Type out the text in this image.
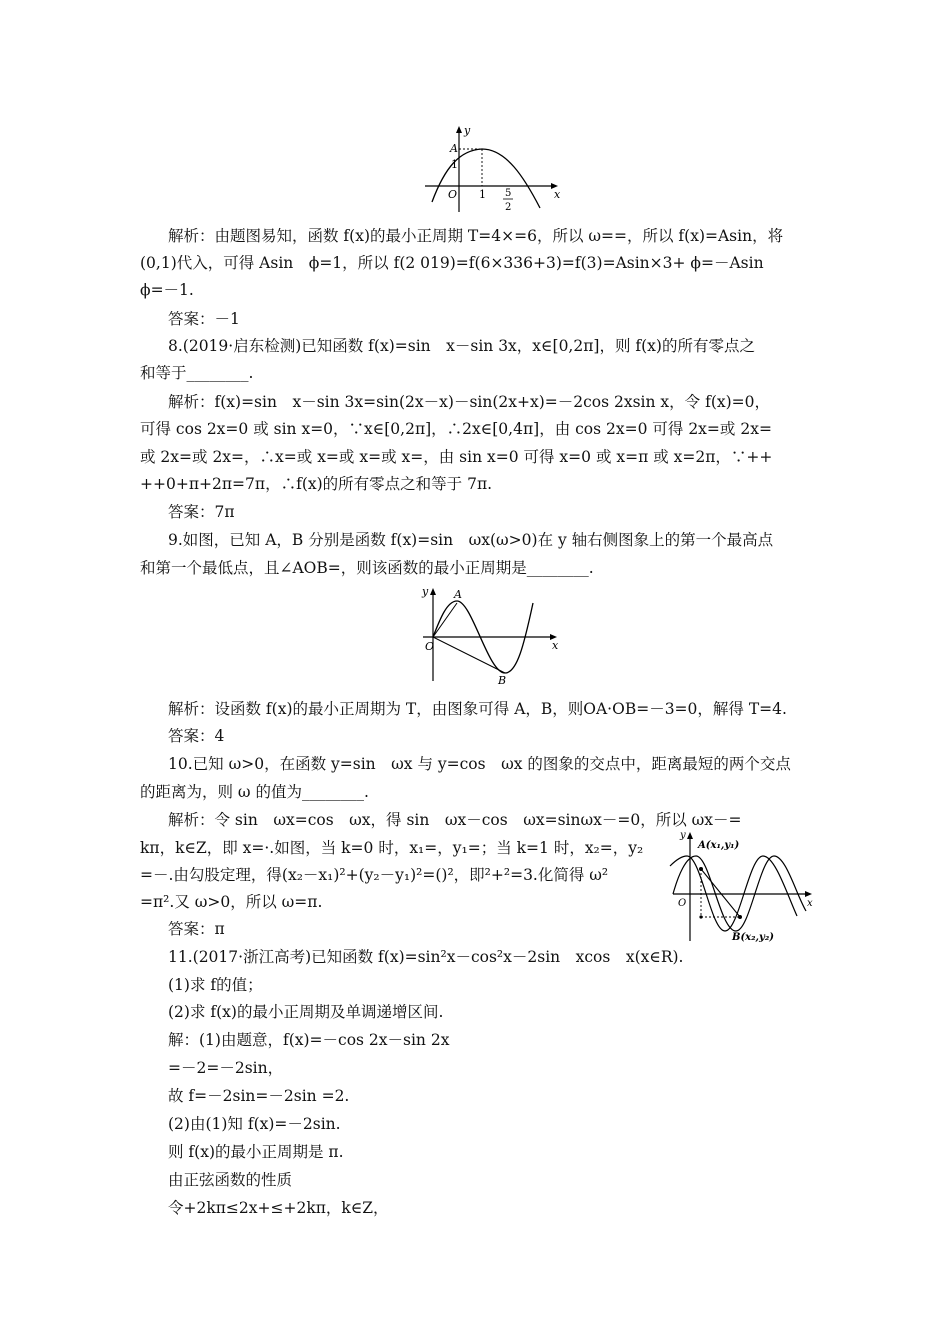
y
x
A
1
O 1 5
2
解析：由题图易知，函数 f(x)的最小正周期 T=4×=6，所以 ω==，所以 f(x)=Asin，将
(0,1)代入，可得 Asin　ϕ=1，所以 f(2 019)=f(6×336+3)=f(3)=Asin×3+ ϕ=－Asin
ϕ=－1.
答案：－1
8.(2019·启东检测)已知函数 f(x)=sin　x－sin 3x，x∈[0,2π]，则 f(x)的所有零点之
和等于________.
解析：f(x)=sin　x－sin 3x=sin(2x－x)－sin(2x+x)=－2cos 2xsin x，令 f(x)=0，
可得 cos 2x=0 或 sin x=0，∵x∈[0,2π]，∴2x∈[0,4π]，由 cos 2x=0 可得 2x=或 2x=
或 2x=或 2x=，∴x=或 x=或 x=或 x=，由 sin x=0 可得 x=0 或 x=π 或 x=2π，∵++
++0+π+2π=7π，∴f(x)的所有零点之和等于 7π.
答案：7π
9.如图，已知 A，B 分别是函数 f(x)=sin　ωx(ω>0)在 y 轴右侧图象上的第一个最高点
和第一个最低点，且∠AOB=，则该函数的最小正周期是________.
y
x
A
O
B
解析：设函数 f(x)的最小正周期为 T，由图象可得 A，B，则OA·OB=－3=0，解得 T=4.
答案：4
10.已知 ω>0，在函数 y=sin　ωx 与 y=cos　ωx 的图象的交点中，距离最短的两个交点
的距离为，则 ω 的值为________.
解析：令 sin　ωx=cos　ωx，得 sin　ωx－cos　ωx=sinωx－=0，所以 ωx－=
kπ，k∈Z，即 x=·.如图，当 k=0 时，x₁=，y₁=；当 k=1 时，x₂=，y₂
=－.由勾股定理，得(x₂－x₁)²+(y₂－y₁)²=()²，即²+²=3.化简得 ω²
=π².又 ω>0，所以 ω=π.
答案：π
y
x
O
A(x₁,y₁)
B(x₂,y₂)
11.(2017·浙江高考)已知函数 f(x)=sin²x－cos²x－2sin　xcos　x(x∈R).
(1)求 f的值；
(2)求 f(x)的最小正周期及单调递增区间.
解：(1)由题意，f(x)=－cos 2x－sin 2x
=－2=－2sin，
故 f=－2sin=－2sin =2.
(2)由(1)知 f(x)=－2sin.
则 f(x)的最小正周期是 π.
由正弦函数的性质
令+2kπ≤2x+≤+2kπ，k∈Z，
